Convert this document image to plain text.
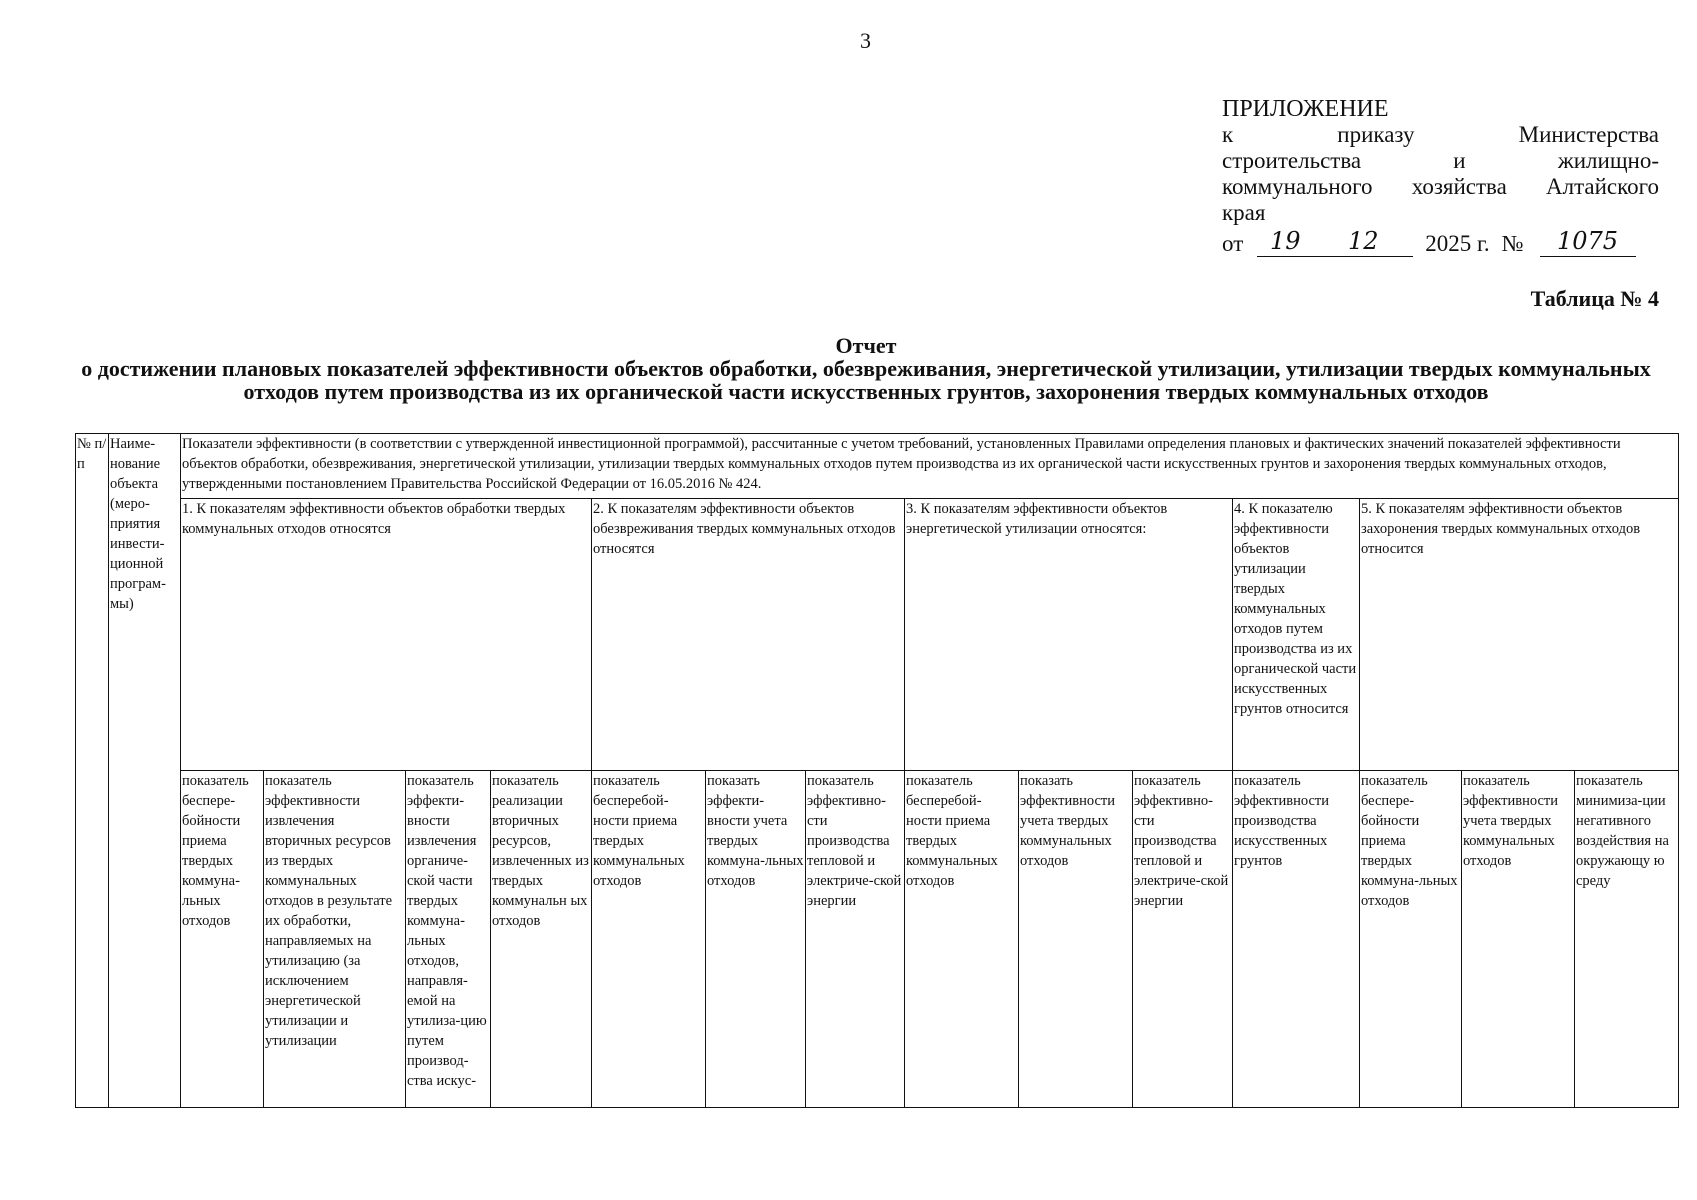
3
ПРИЛОЖЕНИЕ
к приказу Министерства
строительства и жилищно-
коммунального хозяйства Алтайского
края
от	19	12	2025 г. №	1075
Таблица № 4
Отчет
о достижении плановых показателей эффективности объектов обработки, обезвреживания, энергетической утилизации, утилизации твердых коммунальных отходов путем производства из их органической части искусственных грунтов, захоронения твердых коммунальных отходов
№ п/п	Наиме-нование объекта (меро-приятия инвести-ционной програм-мы)	Показатели эффективности (в соответствии с утвержденной инвестиционной программой), рассчитанные с учетом требований, установленных Правилами определения плановых и фактических значений показателей эффективности объектов обработки, обезвреживания, энергетической утилизации, утилизации твердых коммунальных отходов путем производства из их органической части искусственных грунтов и захоронения твердых коммунальных отходов, утвержденными постановлением Правительства Российской Федерации от 16.05.2016 № 424.													
		1. К показателям эффективности объектов обработки твердых коммунальных отходов относятся				2. К показателям эффективности объектов обезвреживания твердых коммунальных отходов относятся			3. К показателям эффективности объектов энергетической утилизации относятся:			4. К показателю эффективности объектов утилизации твердых коммунальных отходов путем производства из их органической части искусственных грунтов относится	5. К показателям эффективности объектов захоронения твердых коммунальных отходов относится		
		показатель беспере-бойности приема твердых коммуна-льных отходов	показатель эффективности извлечения вторичных ресурсов из твердых коммунальных отходов в результате их обработки, направляемых на утилизацию (за исключением энергетической утилизации и утилизации	показатель эффекти-вности извлечения органиче-ской части твердых коммуна-льных отходов, направля-емой на утилиза-цию путем производ-ства искус-	показатель реализации вторичных ресурсов, извлеченных из твердых коммунальн ых отходов	показатель бесперебой-ности приема твердых коммунальных отходов	показать эффекти-вности учета твердых коммуна-льных отходов	показатель эффективно-сти производства тепловой и электриче-ской энергии	показатель бесперебой-ности приема твердых коммунальных отходов	показать эффективности учета твердых коммунальных отходов	показатель эффективно-сти производства тепловой и электриче-ской энергии	показатель эффективности производства искусственных грунтов	показатель беспере-бойности приема твердых коммуна-льных отходов	показатель эффективности учета твердых коммунальных отходов	показатель минимиза-ции негативного воздействия на окружающу ю среду
